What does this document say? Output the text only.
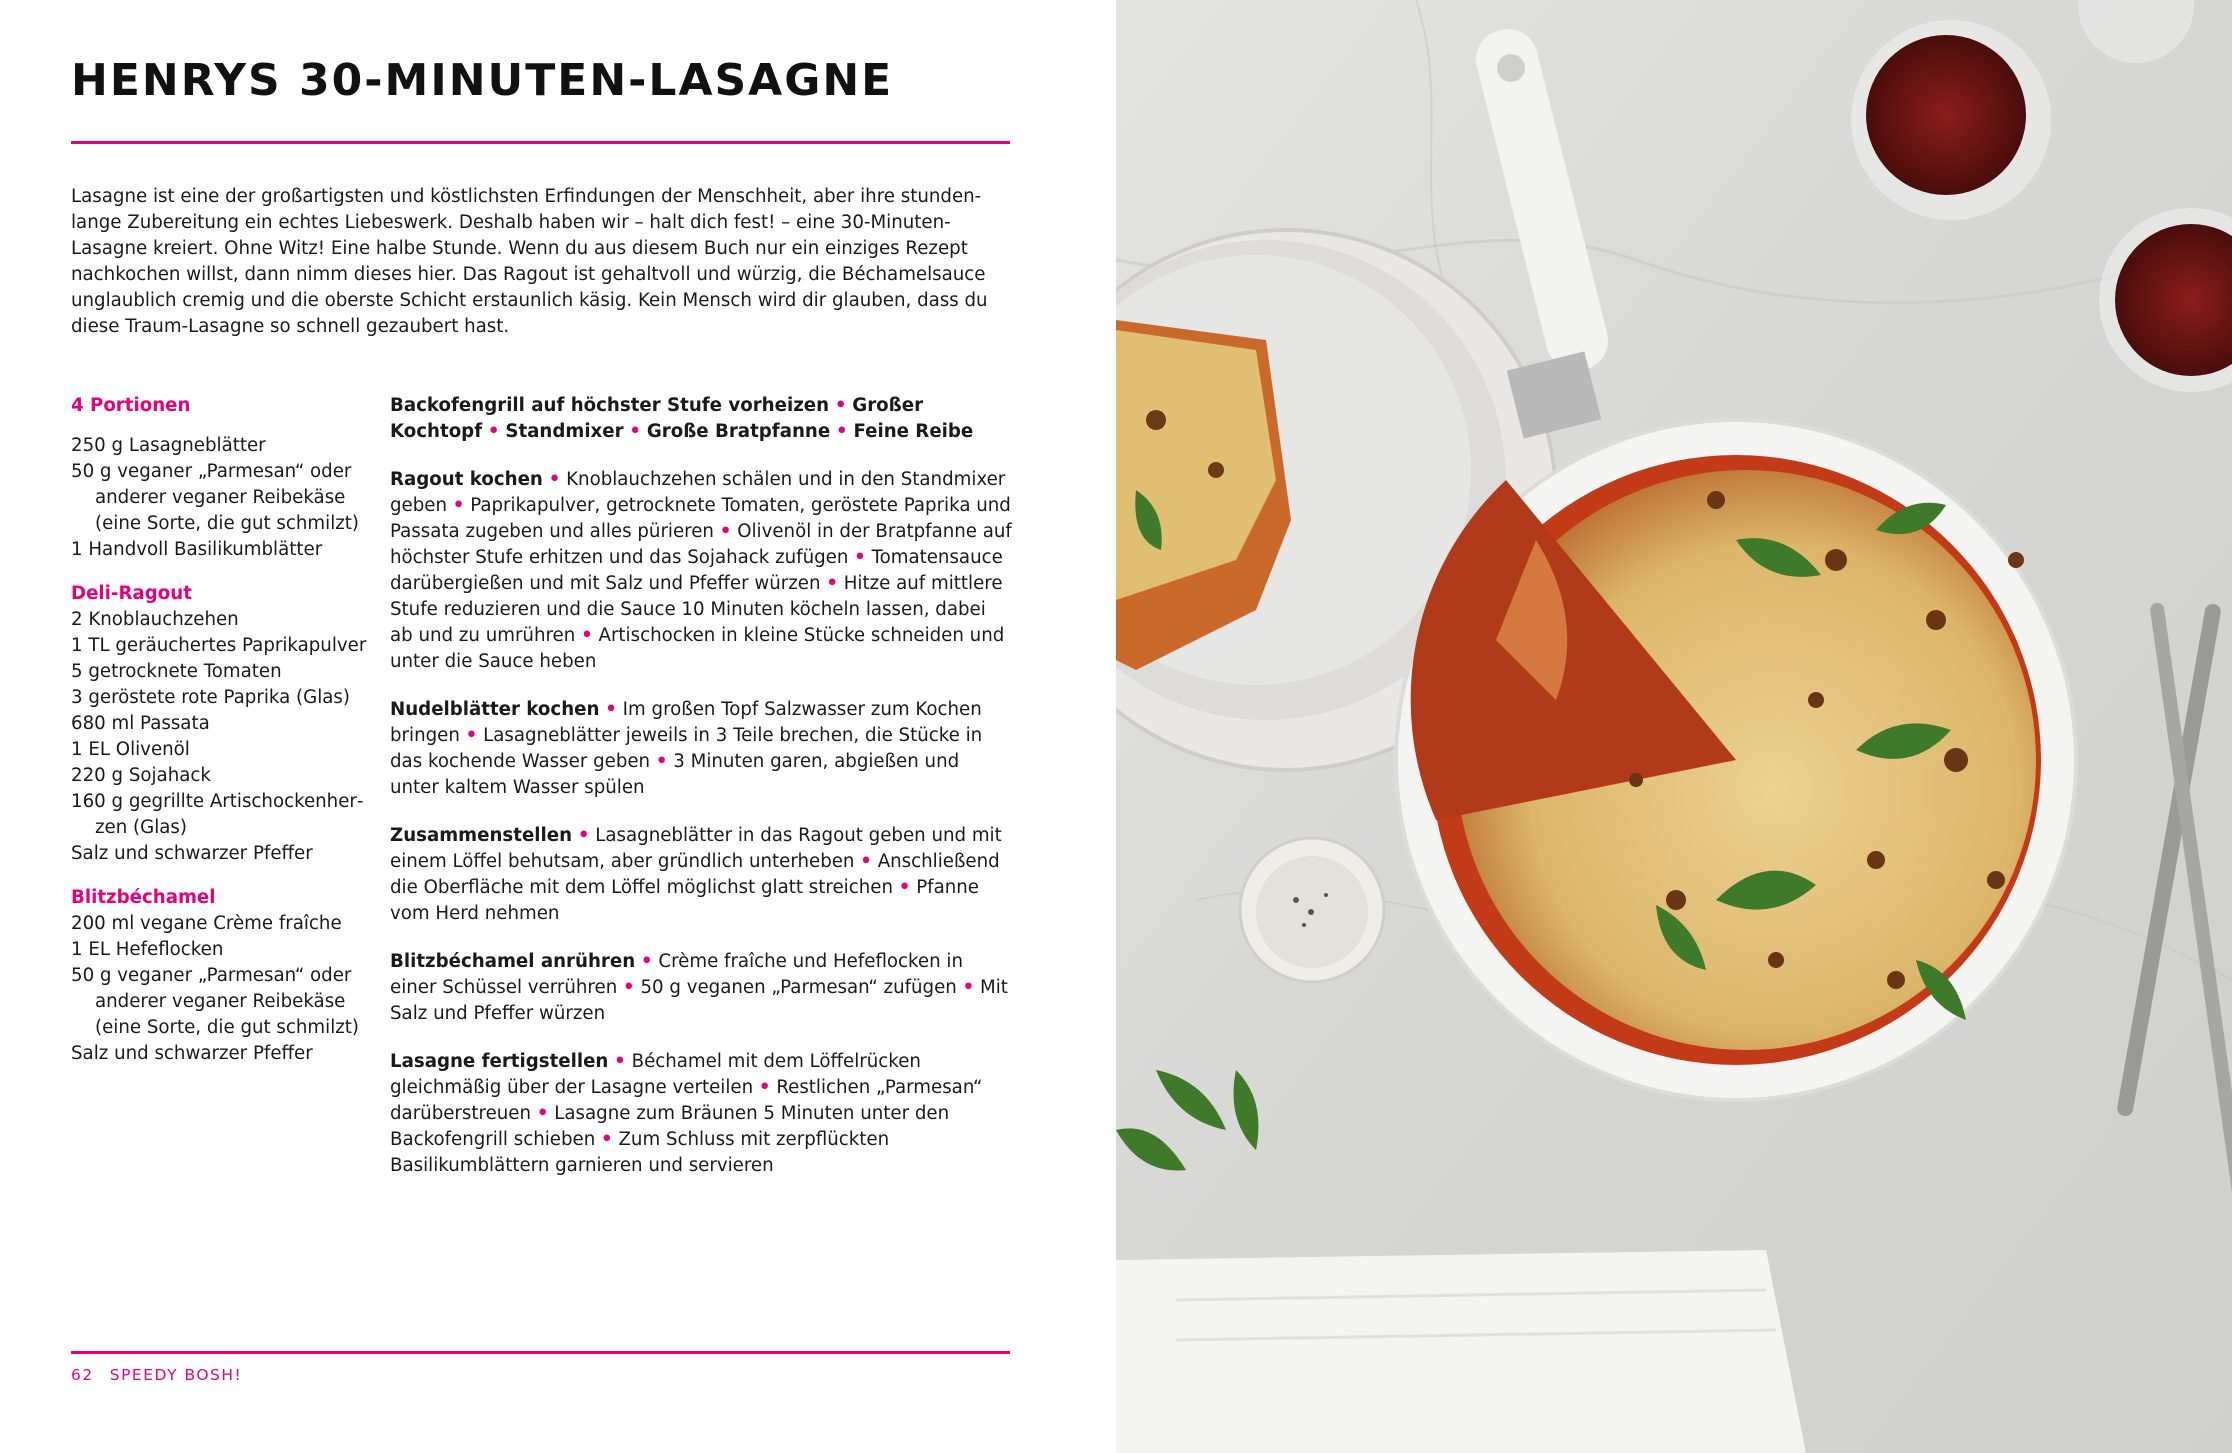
HENRYS 30-MINUTEN-LASAGNE

Lasagne ist eine der großartigsten und köstlichsten Erfindungen der Menschheit, aber ihre stundenlange Zubereitung ein echtes Liebeswerk. Deshalb haben wir – halt dich fest! – eine 30-Minuten-Lasagne kreiert. Ohne Witz! Eine halbe Stunde. Wenn du aus diesem Buch nur ein einziges Rezept nachkochen willst, dann nimm dieses hier. Das Ragout ist gehaltvoll und würzig, die Béchamelsauce unglaublich cremig und die oberste Schicht erstaunlich käsig. Kein Mensch wird dir glauben, dass du diese Traum-Lasagne so schnell gezaubert hast.

4 Portionen

250 g Lasagneblätter
50 g veganer „Parmesan“ oder anderer veganer Reibekäse (eine Sorte, die gut schmilzt)
1 Handvoll Basilikumblätter

Deli-Ragout

2 Knoblauchzehen
1 TL geräuchertes Paprikapulver
5 getrocknete Tomaten
3 geröstete rote Paprika (Glas)
680 ml Passata
1 EL Olivenöl
220 g Sojahack
160 g gegrillte Artischockenherzen (Glas)
Salz und schwarzer Pfeffer

Blitzbéchamel

200 ml vegane Crème fraîche
1 EL Hefeflocken
50 g veganer „Parmesan“ oder anderer veganer Reibekäse (eine Sorte, die gut schmilzt)
Salz und schwarzer Pfeffer

Backofengrill auf höchster Stufe vorheizen • Großer Kochtopf • Standmixer • Große Bratpfanne • Feine Reibe

Ragout kochen • Knoblauchzehen schälen und in den Standmixer geben • Paprikapulver, getrocknete Tomaten, geröstete Paprika und Passata zugeben und alles pürieren • Olivenöl in der Bratpfanne auf höchster Stufe erhitzen und das Sojahack zufügen • Tomatensauce darübergießen und mit Salz und Pfeffer würzen • Hitze auf mittlere Stufe reduzieren und die Sauce 10 Minuten köcheln lassen, dabei ab und zu umrühren • Artischocken in kleine Stücke schneiden und unter die Sauce heben

Nudelblätter kochen • Im großen Topf Salzwasser zum Kochen bringen • Lasagneblätter jeweils in 3 Teile brechen, die Stücke in das kochende Wasser geben • 3 Minuten garen, abgießen und unter kaltem Wasser spülen

Zusammenstellen • Lasagneblätter in das Ragout geben und mit einem Löffel behutsam, aber gründlich unterheben • Anschließend die Oberfläche mit dem Löffel möglichst glatt streichen • Pfanne vom Herd nehmen

Blitzbéchamel anrühren • Crème fraîche und Hefeflocken in einer Schüssel verrühren • 50 g veganen „Parmesan“ zufügen • Mit Salz und Pfeffer würzen

Lasagne fertigstellen • Béchamel mit dem Löffelrücken gleichmäßig über der Lasagne verteilen • Restlichen „Parmesan“ darüberstreuen • Lasagne zum Bräunen 5 Minuten unter den Backofengrill schieben • Zum Schluss mit zerpflückten Basilikumblättern garnieren und servieren

62 SPEEDY BOSH!
